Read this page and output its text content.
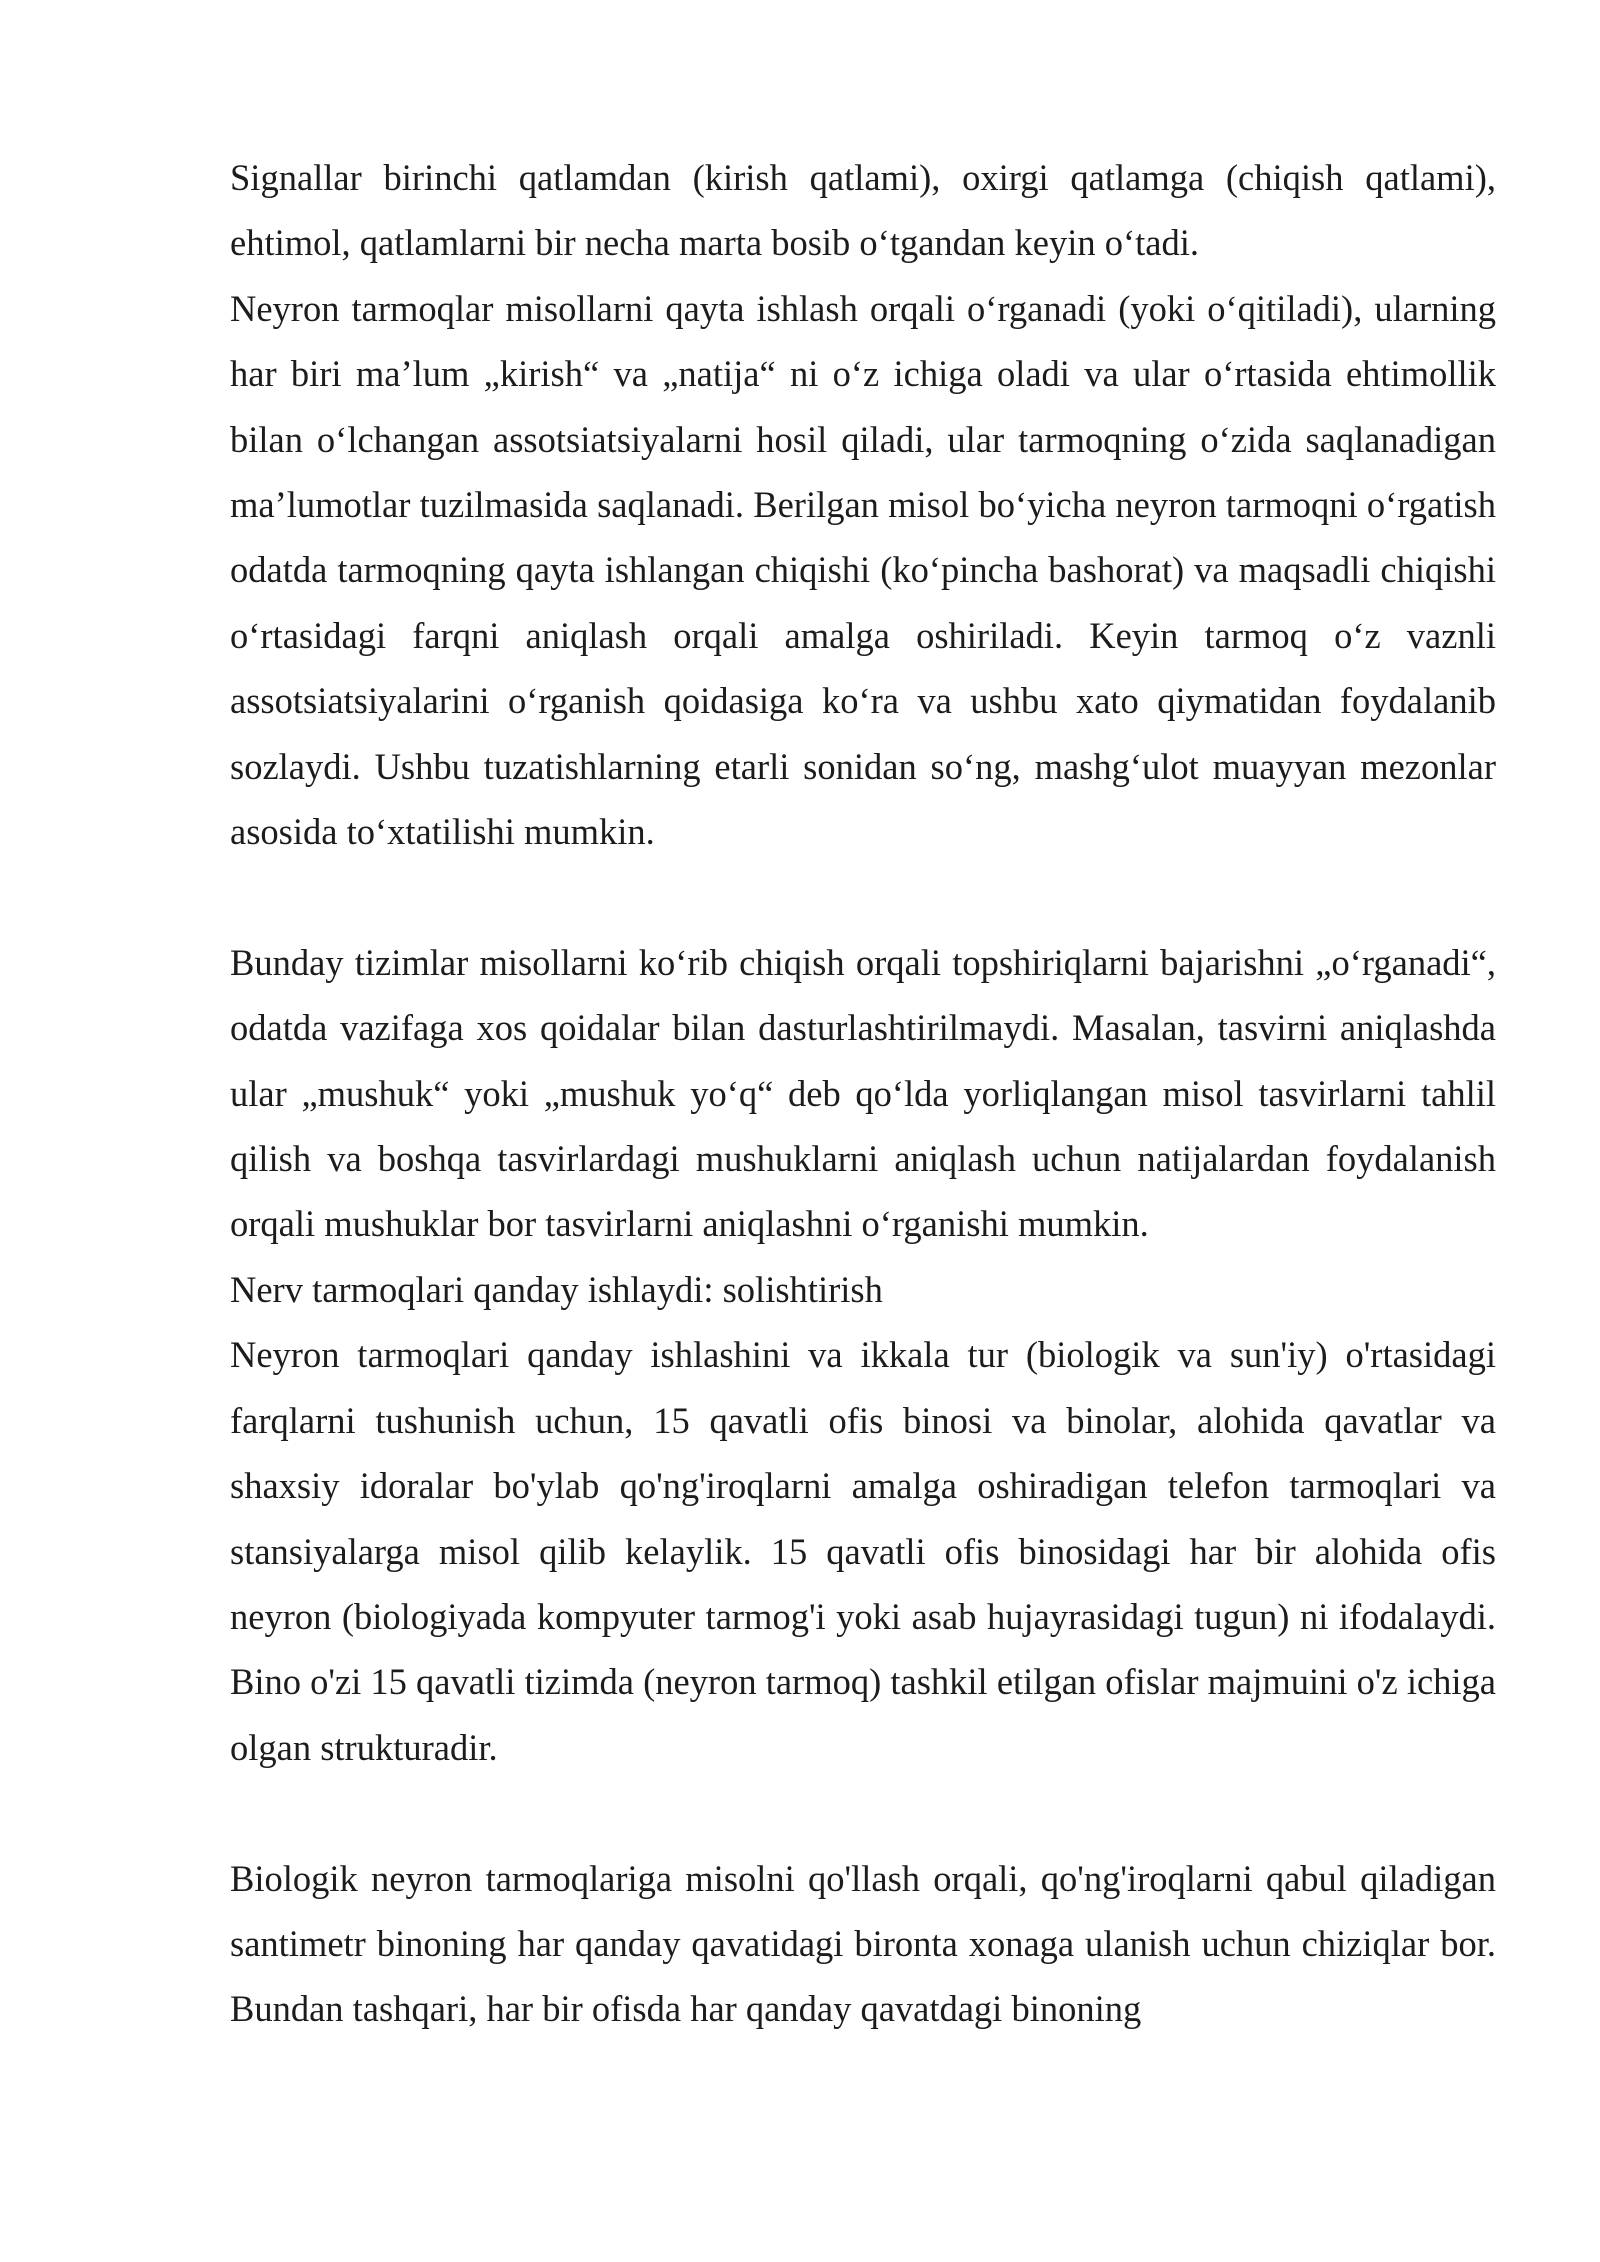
Signallar birinchi qatlamdan (kirish qatlami), oxirgi qatlamga (chiqish qatlami), ehtimol, qatlamlarni bir necha marta bosib o‘tgandan keyin o‘tadi.

Neyron tarmoqlar misollarni qayta ishlash orqali o‘rganadi (yoki o‘qitiladi), ularning har biri ma’lum „kirish“ va „natija“ ni o‘z ichiga oladi va ular o‘rtasida ehtimollik bilan o‘lchangan assotsiatsiyalarni hosil qiladi, ular tarmoqning o‘zida saqlanadigan ma’lumotlar tuzilmasida saqlanadi. Berilgan misol bo‘yicha neyron tarmoqni o‘rgatish odatda tarmoqning qayta ishlangan chiqishi (ko‘pincha bashorat) va maqsadli chiqishi o‘rtasidagi farqni aniqlash orqali amalga oshiriladi. Keyin tarmoq o‘z vaznli assotsiatsiyalarini o‘rganish qoidasiga ko‘ra va ushbu xato qiymatidan foydalanib sozlaydi. Ushbu tuzatishlarning etarli sonidan so‘ng, mashg‘ulot muayyan mezonlar asosida to‘xtatilishi mumkin.

Bunday tizimlar misollarni ko‘rib chiqish orqali topshiriqlarni bajarishni „o‘rganadi“, odatda vazifaga xos qoidalar bilan dasturlashtirilmaydi. Masalan, tasvirni aniqlashda ular „mushuk“ yoki „mushuk yo‘q“ deb qo‘lda yorliqlangan misol tasvirlarni tahlil qilish va boshqa tasvirlardagi mushuklarni aniqlash uchun natijalardan foydalanish orqali mushuklar bor tasvirlarni aniqlashni o‘rganishi mumkin.

Nerv tarmoqlari qanday ishlaydi: solishtirish

Neyron tarmoqlari qanday ishlashini va ikkala tur (biologik va sun'iy) o'rtasidagi farqlarni tushunish uchun, 15 qavatli ofis binosi va binolar, alohida qavatlar va shaxsiy idoralar bo'ylab qo'ng'iroqlarni amalga oshiradigan telefon tarmoqlari va stansiyalarga misol qilib kelaylik. 15 qavatli ofis binosidagi har bir alohida ofis neyron (biologiyada kompyuter tarmog'i yoki asab hujayrasidagi tugun) ni ifodalaydi. Bino o'zi 15 qavatli tizimda (neyron tarmoq) tashkil etilgan ofislar majmuini o'z ichiga olgan strukturadir.

Biologik neyron tarmoqlariga misolni qo'llash orqali, qo'ng'iroqlarni qabul qiladigan santimetr binoning har qanday qavatidagi bironta xonaga ulanish uchun chiziqlar bor. Bundan tashqari, har bir ofisda har qanday qavatdagi binoning
